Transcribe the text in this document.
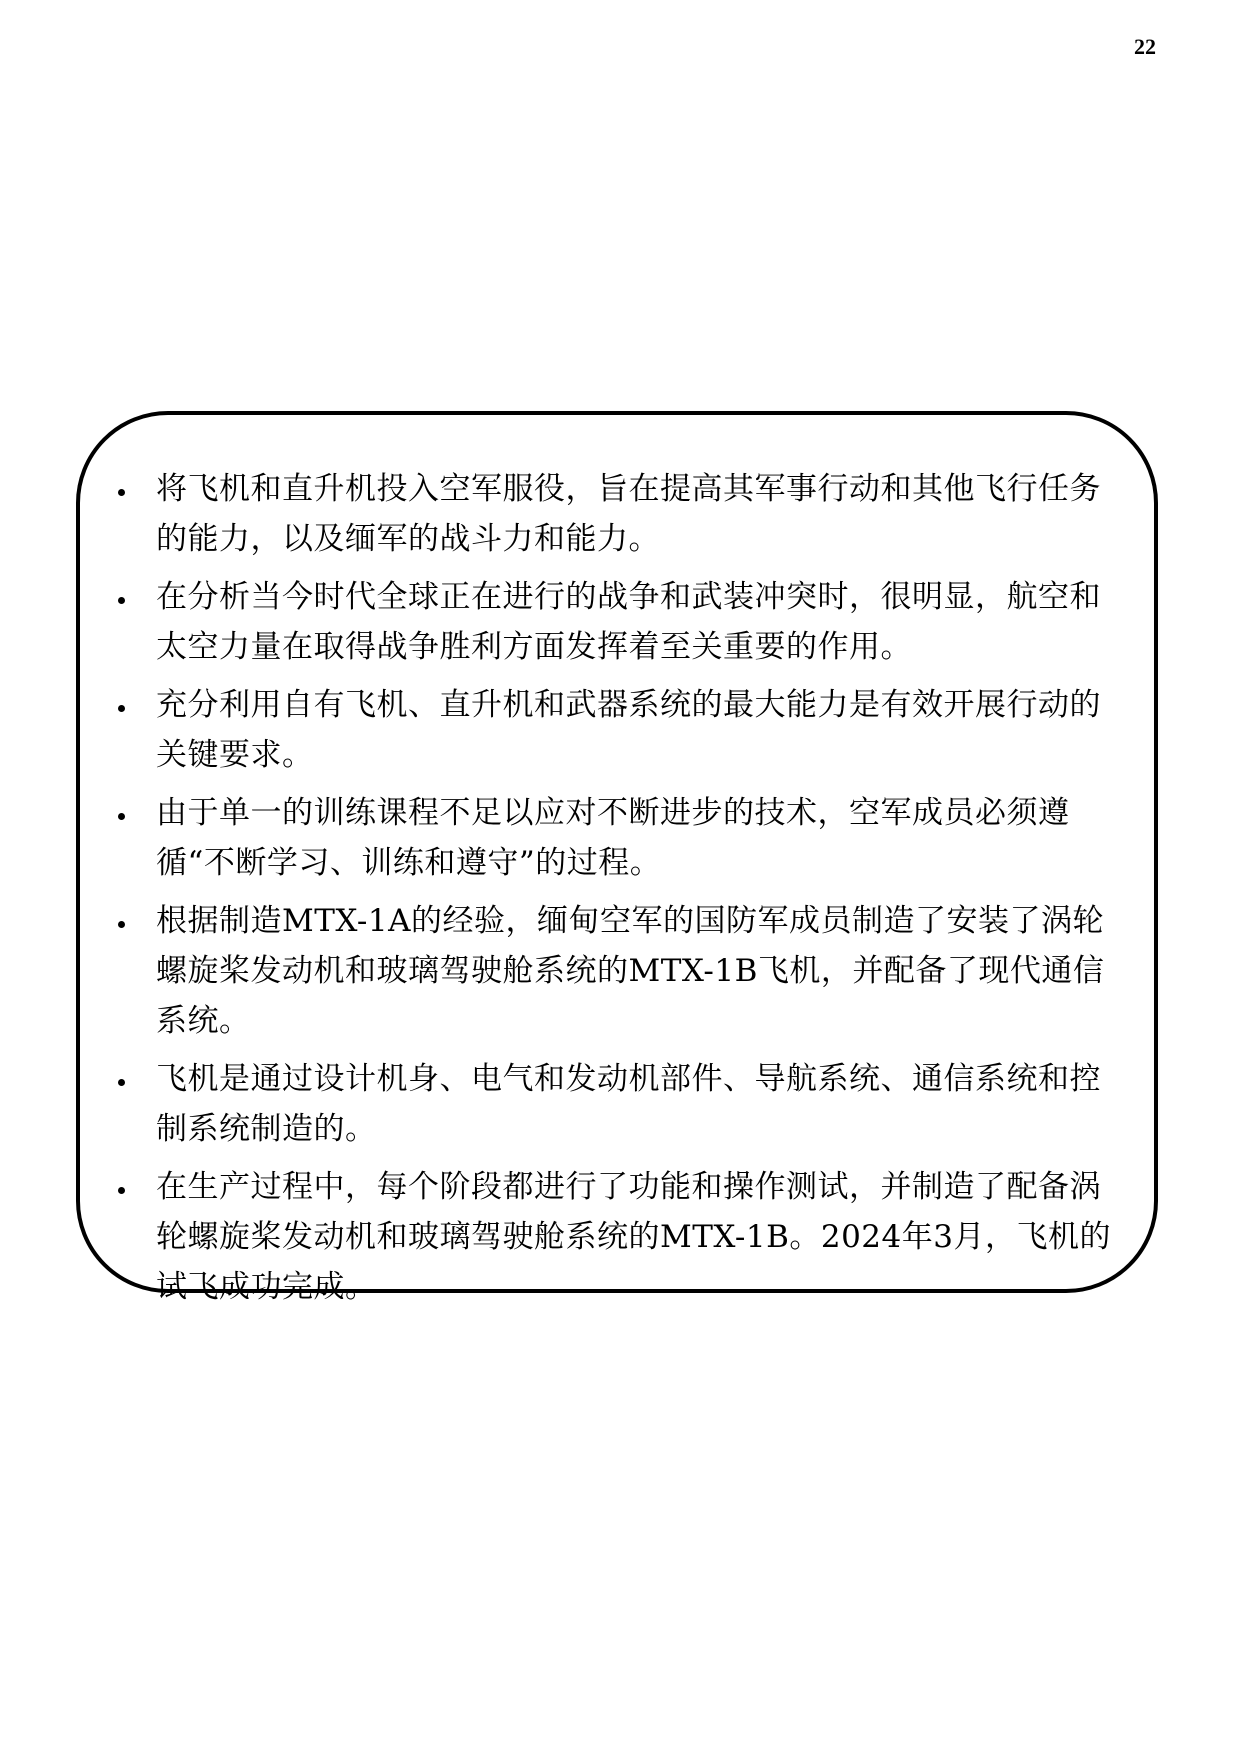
22
将飞机和直升机投入空军服役，旨在提高其军事行动和其他飞行任务的能力，以及缅军的战斗力和能力。
在分析当今时代全球正在进行的战争和武装冲突时，很明显，航空和太空力量在取得战争胜利方面发挥着至关重要的作用。
充分利用自有飞机、直升机和武器系统的最大能力是有效开展行动的关键要求。
由于单一的训练课程不足以应对不断进步的技术，空军成员必须遵循“不断学习、训练和遵守”的过程。
根据制造MTX-1A的经验，缅甸空军的国防军成员制造了安装了涡轮螺旋桨发动机和玻璃驾驶舱系统的MTX-1B飞机，并配备了现代通信系统。
飞机是通过设计机身、电气和发动机部件、导航系统、通信系统和控制系统制造的。
在生产过程中，每个阶段都进行了功能和操作测试，并制造了配备涡轮螺旋桨发动机和玻璃驾驶舱系统的MTX-1B。2024年3月，飞机的试飞成功完成。
